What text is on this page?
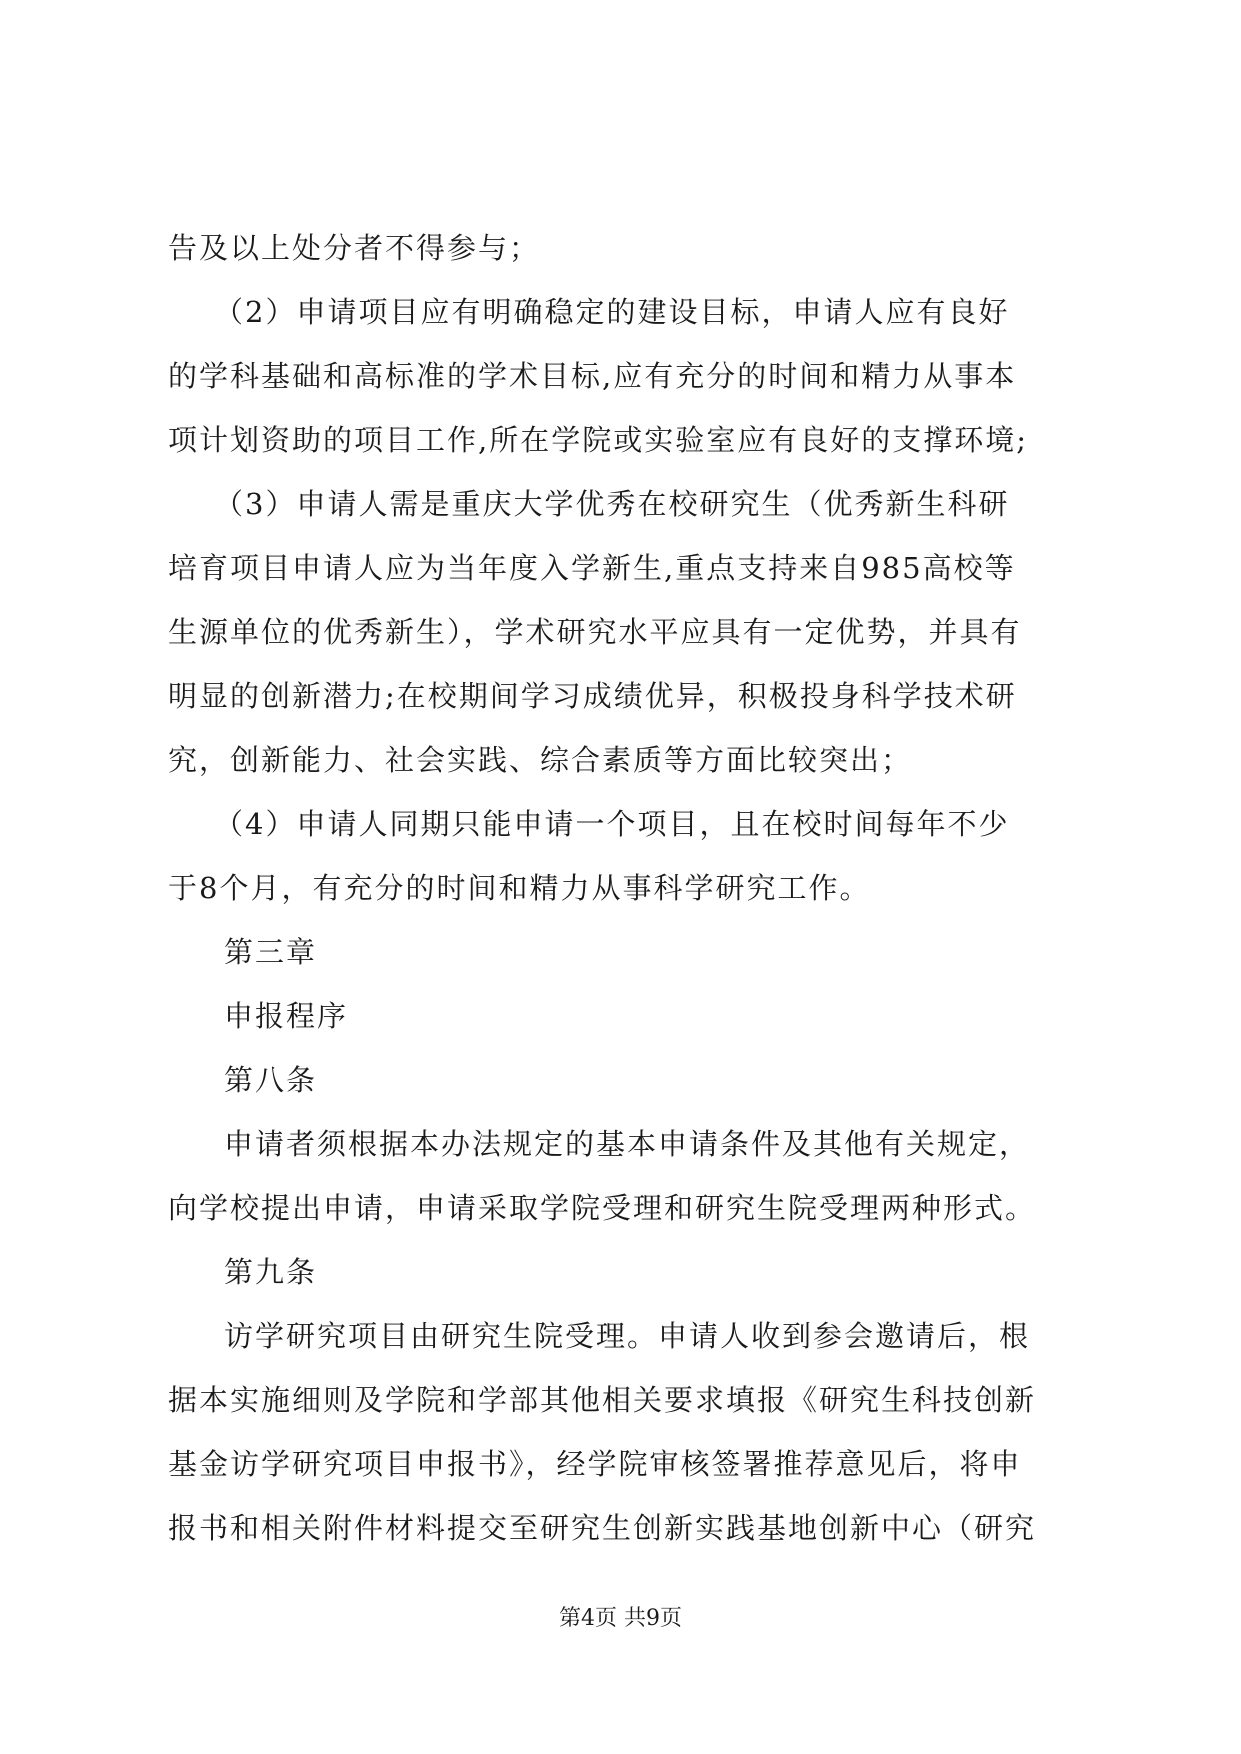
告及以上处分者不得参与；
（2）申请项目应有明确稳定的建设目标，申请人应有良好
的学科基础和高标准的学术目标,应有充分的时间和精力从事本
项计划资助的项目工作,所在学院或实验室应有良好的支撑环境;
（3）申请人需是重庆大学优秀在校研究生（优秀新生科研
培育项目申请人应为当年度入学新生,重点支持来自985高校等
生源单位的优秀新生），学术研究水平应具有一定优势，并具有
明显的创新潜力;在校期间学习成绩优异，积极投身科学技术研
究，创新能力、社会实践、综合素质等方面比较突出；
（4）申请人同期只能申请一个项目，且在校时间每年不少
于8个月，有充分的时间和精力从事科学研究工作。
第三章
申报程序
第八条
申请者须根据本办法规定的基本申请条件及其他有关规定，
向学校提出申请，申请采取学院受理和研究生院受理两种形式。
第九条
访学研究项目由研究生院受理。申请人收到参会邀请后，根
据本实施细则及学院和学部其他相关要求填报《研究生科技创新
基金访学研究项目申报书》，经学院审核签署推荐意见后，将申
报书和相关附件材料提交至研究生创新实践基地创新中心（研究
第4页 共9页
